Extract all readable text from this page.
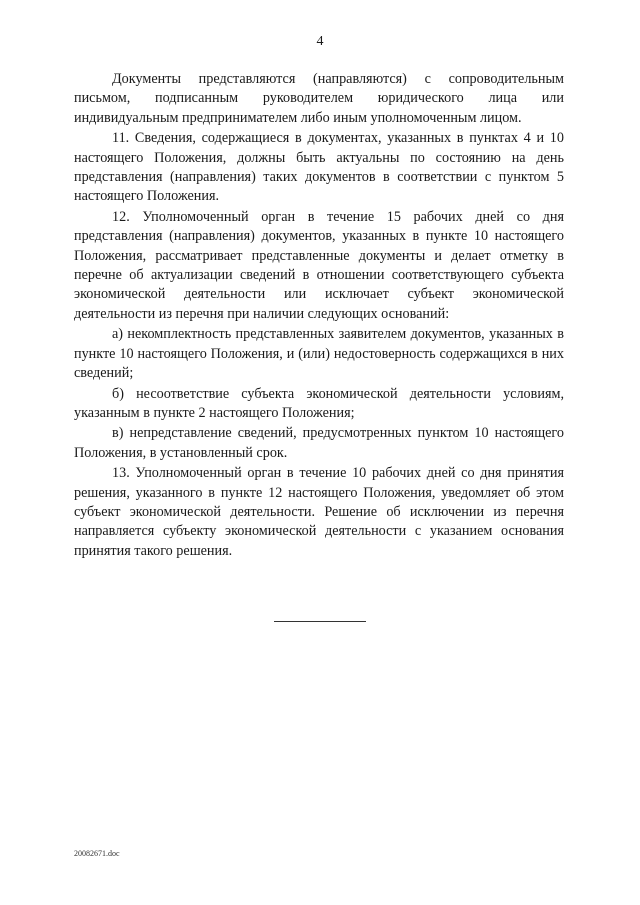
4

Документы представляются (направляются) с сопроводительным письмом, подписанным руководителем юридического лица или индивидуальным предпринимателем либо иным уполномоченным лицом.

11. Сведения, содержащиеся в документах, указанных в пунктах 4 и 10 настоящего Положения, должны быть актуальны по состоянию на день представления (направления) таких документов в соответствии с пунктом 5 настоящего Положения.

12. Уполномоченный орган в течение 15 рабочих дней со дня представления (направления) документов, указанных в пункте 10 настоящего Положения, рассматривает представленные документы и делает отметку в перечне об актуализации сведений в отношении соответствующего субъекта экономической деятельности или исключает субъект экономической деятельности из перечня при наличии следующих оснований:

а) некомплектность представленных заявителем документов, указанных в пункте 10 настоящего Положения, и (или) недостоверность содержащихся в них сведений;

б) несоответствие субъекта экономической деятельности условиям, указанным в пункте 2 настоящего Положения;

в) непредставление сведений, предусмотренных пунктом 10 настоящего Положения, в установленный срок.

13. Уполномоченный орган в течение 10 рабочих дней со дня принятия решения, указанного в пункте 12 настоящего Положения, уведомляет об этом субъект экономической деятельности. Решение об исключении из перечня направляется субъекту экономической деятельности с указанием основания принятия такого решения.

20082671.doc
